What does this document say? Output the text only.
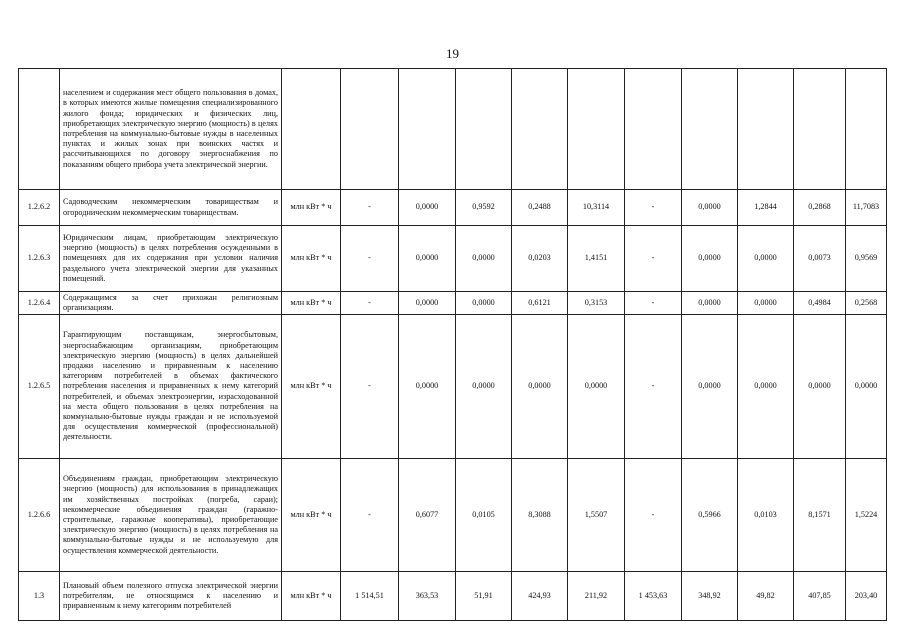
19
	населением и содержания мест общего пользования в домах, в которых имеются жилые помещения специализированного жилого фонда; юридических и физических лиц, приобретающих электрическую энергию (мощность) в целях потребления на коммунально-бытовые нужды в населенных пунктах и жилых зонах при воинских частях и рассчитывающихся по договору энергоснабжения по показаниям общего прибора учета электрической энергии.											
1.2.6.2	Садоводческим некоммерческим товариществам и огородническим некоммерческим товариществам.	млн кВт * ч	-	0,0000	0,9592	0,2488	10,3114	-	0,0000	1,2844	0,2868	11,7083
1.2.6.3	Юридическим лицам, приобретающим электрическую энергию (мощность) в целях потребления осужденными в помещениях для их содержания при условии наличия раздельного учета электрической энергии для указанных помещений.	млн кВт * ч	-	0,0000	0,0000	0,0203	1,4151	-	0,0000	0,0000	0,0073	0,9569
1.2.6.4	Содержащимся за счет прихожан религиозным организациям.	млн кВт * ч	-	0,0000	0,0000	0,6121	0,3153	-	0,0000	0,0000	0,4984	0,2568
1.2.6.5	Гарантирующим поставщикам, энергосбытовым, энергоснабжающим организациям, приобретающим электрическую энергию (мощность) в целях дальнейшей продажи населению и приравненным к населению категориям потребителей в объемах фактического потребления населения и приравненных к нему категорий потребителей, и объемах электроэнергии, израсходованной на места общего пользования в целях потребления на коммунально-бытовые нужды граждан и не используемой для осуществления коммерческой (профессиональной) деятельности.	млн кВт * ч	-	0,0000	0,0000	0,0000	0,0000	-	0,0000	0,0000	0,0000	0,0000
1.2.6.6	Объединениям граждан, приобретающим электрическую энергию (мощность) для использования в принадлежащих им хозяйственных постройках (погреба, сараи); некоммерческие объединения граждан (гаражно-строительные, гаражные кооперативы), приобретающие электрическую энергию (мощность) в целях потребления на коммунально-бытовые нужды и не используемую для осуществления коммерческой деятельности.	млн кВт * ч	-	0,6077	0,0105	8,3088	1,5507	-	0,5966	0,0103	8,1571	1,5224
1.3	Плановый объем полезного отпуска электрической энергии потребителям, не относящимся к населению и приравненным к нему категориям потребителей	млн кВт * ч	1 514,51	363,53	51,91	424,93	211,92	1 453,63	348,92	49,82	407,85	203,40
